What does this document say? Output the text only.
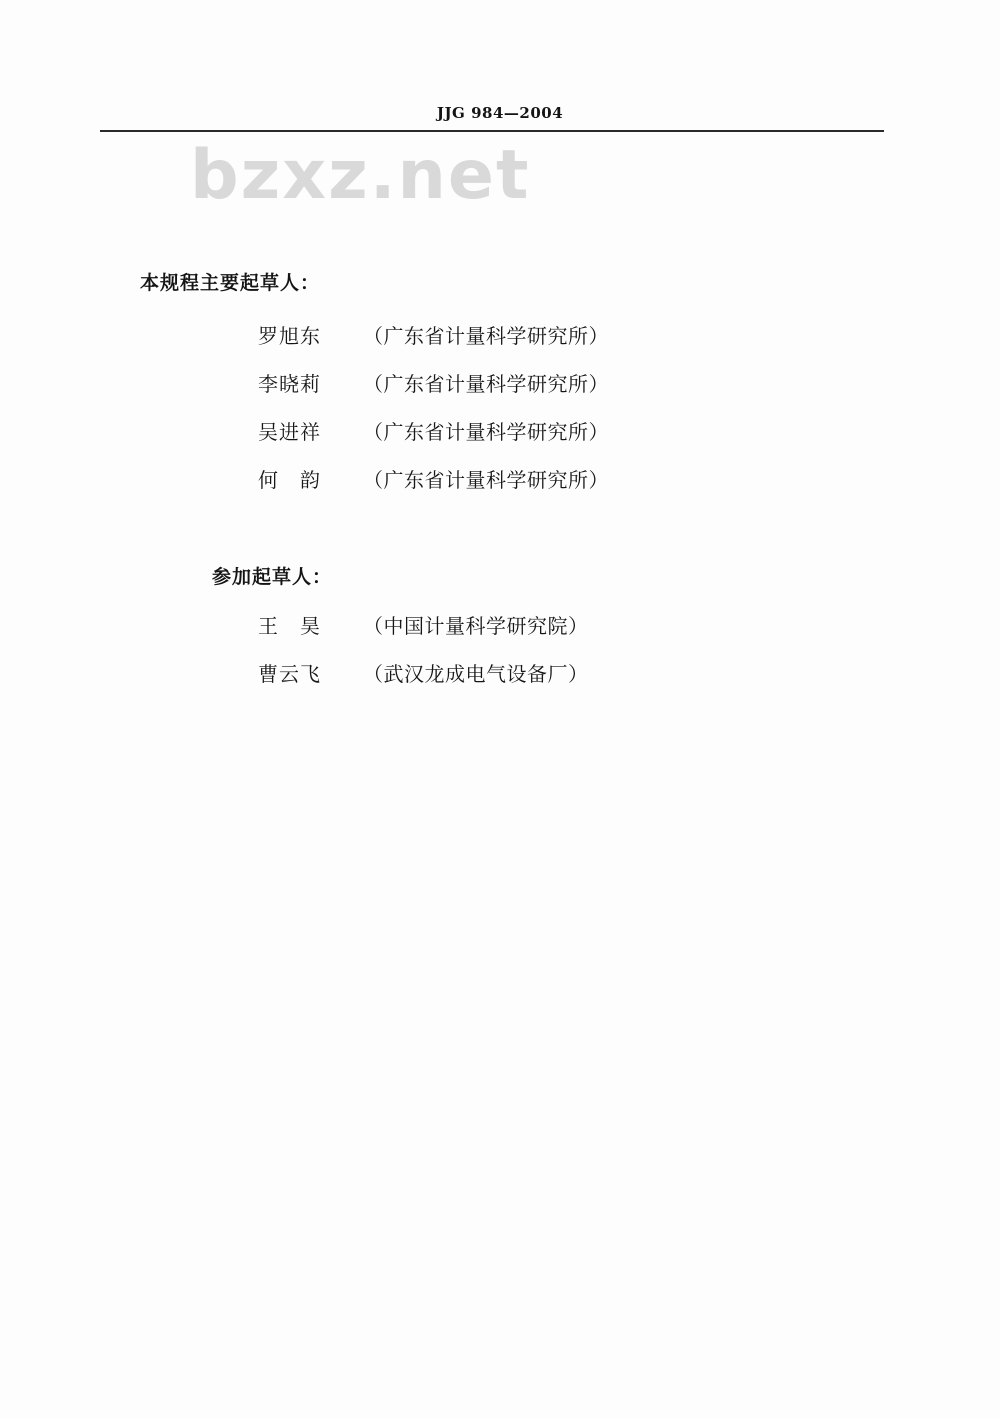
JJG 984—2004
bzxz.net
本规程主要起草人：
罗旭东 （广东省计量科学研究所）
李晓莉 （广东省计量科学研究所）
吴进祥 （广东省计量科学研究所）
何　韵 （广东省计量科学研究所）
参加起草人：
王　昊 （中国计量科学研究院）
曹云飞 （武汉龙成电气设备厂）
